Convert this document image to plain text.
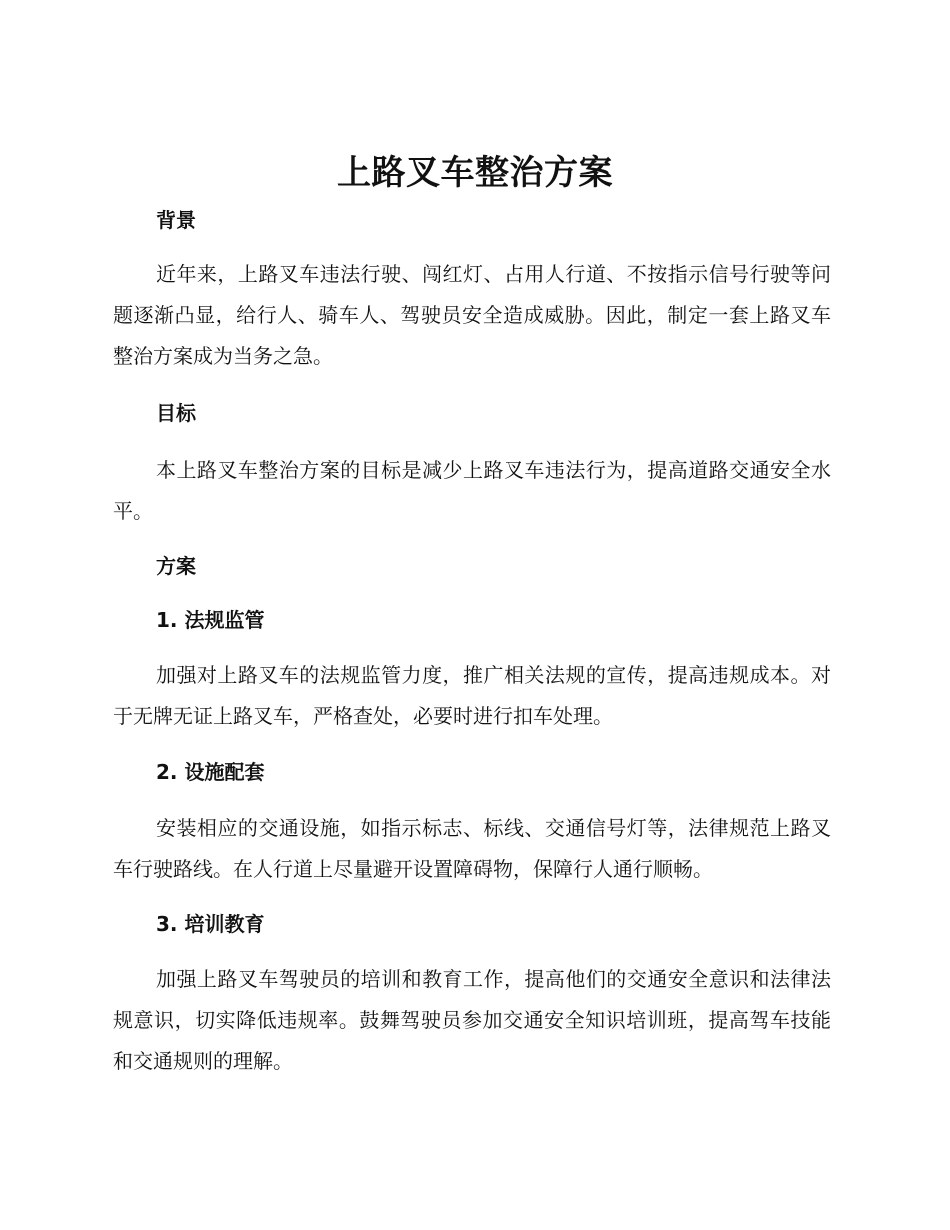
上路叉车整治方案
背景
近年来，上路叉车违法行驶、闯红灯、占用人行道、不按指示信号行驶等问题逐渐凸显，给行人、骑车人、驾驶员安全造成威胁。因此，制定一套上路叉车整治方案成为当务之急。
目标
本上路叉车整治方案的目标是减少上路叉车违法行为，提高道路交通安全水平。
方案
1. 法规监管
加强对上路叉车的法规监管力度，推广相关法规的宣传，提高违规成本。对于无牌无证上路叉车，严格查处，必要时进行扣车处理。
2. 设施配套
安装相应的交通设施，如指示标志、标线、交通信号灯等，法律规范上路叉车行驶路线。在人行道上尽量避开设置障碍物，保障行人通行顺畅。
3. 培训教育
加强上路叉车驾驶员的培训和教育工作，提高他们的交通安全意识和法律法规意识，切实降低违规率。鼓舞驾驶员参加交通安全知识培训班，提高驾车技能和交通规则的理解。
